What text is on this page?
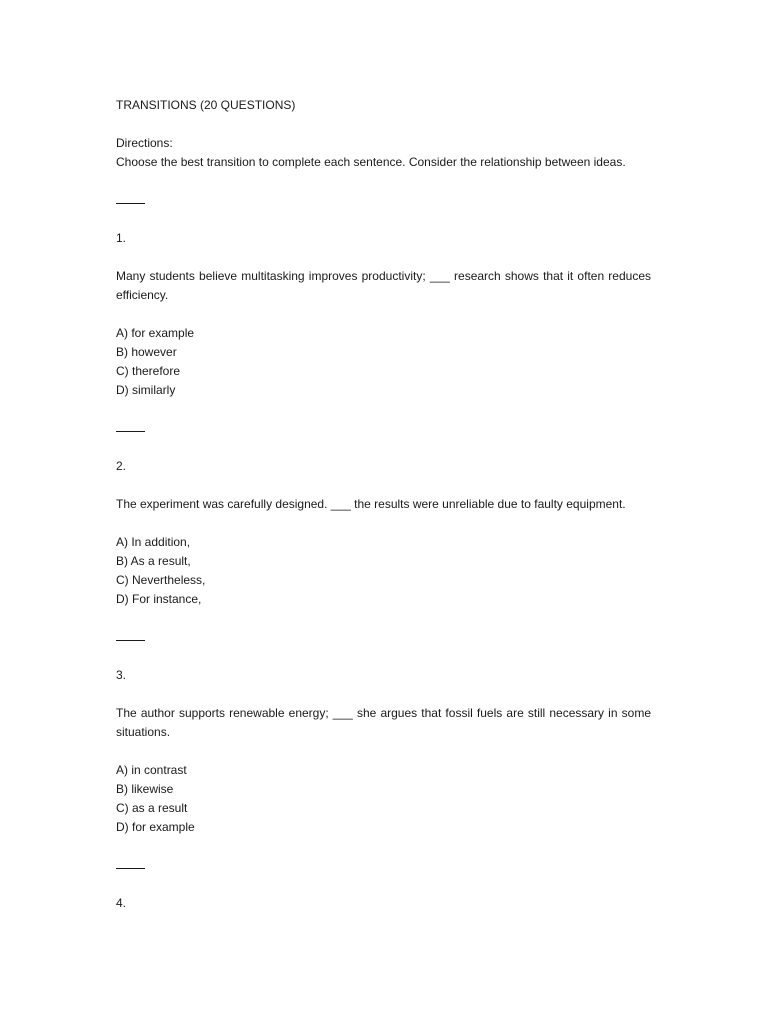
TRANSITIONS (20 QUESTIONS)
Directions:
Choose the best transition to complete each sentence. Consider the relationship between ideas.
1.
Many students believe multitasking improves productivity; ___ research shows that it often reduces efficiency.
A) for example
B) however
C) therefore
D) similarly
2.
The experiment was carefully designed. ___ the results were unreliable due to faulty equipment.
A) In addition,
B) As a result,
C) Nevertheless,
D) For instance,
3.
The author supports renewable energy; ___ she argues that fossil fuels are still necessary in some situations.
A) in contrast
B) likewise
C) as a result
D) for example
4.
